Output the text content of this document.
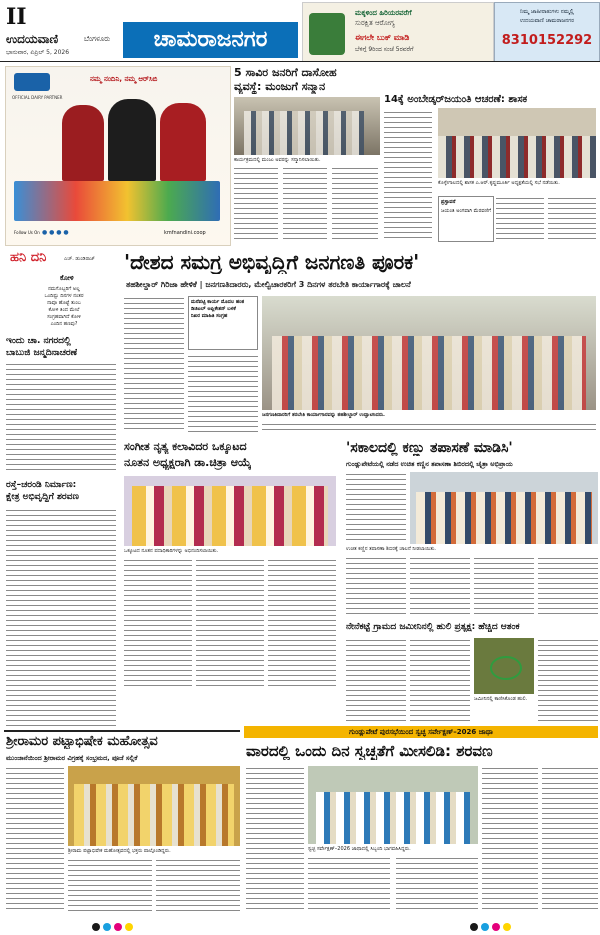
II
ಉದಯವಾಣಿ	ಬೆಂಗಳೂರು
ಭಾನುವಾರ, ಏಪ್ರಿಲ್ 5, 2026
ಚಾಮರಾಜನಗರ
ಮಕ್ಕಳಿಂದ ಹಿರಿಯರವರೆಗೆ
ಸುರಕ್ಷಿತ ಆರೋಗ್ಯ
ಈಗಲೇ ಬುಕ್ ಮಾಡಿ
ಬೆಳಿಗ್ಗೆ 9ರಿಂದ ಸಂಜೆ 5ರವರೆಗೆ
ನಿಮ್ಮ ಜಾಹೀರಾತುಗಳು ನಮ್ಮಲ್ಲಿ
ಉದಯವಾಣಿ ಚಾಮರಾಜನಗರ
8310152292
OFFICIAL DAIRY PARTNER
ನಮ್ಮ ನಂದಿನಿ, ನಮ್ಮ ಆರ್‌ಸಿಬಿ
Follow Us On ● ● ● ●	kmfnandini.coop
5 ಸಾವಿರ ಜನರಿಗೆ ದಾಸೋಹ
ವ್ಯವಸ್ಥೆ: ಮಂಜುಗೆ ಸನ್ಮಾನ
ಕಾರ್ಯಕ್ರಮದಲ್ಲಿ ಮಂಜು ಅವರನ್ನು ಸನ್ಮಾನಿಸಲಾಯಿತು.
14ಕ್ಕೆ ಅಂಬೇಡ್ಕರ್‌ಜಯಂತಿ ಆಚರಣೆ: ಶಾಸಕ
ಕೊಳ್ಳೇಗಾಲದಲ್ಲಿ ಶಾಸಕ ಎ.ಆರ್.ಕೃಷ್ಣಮೂರ್ತಿ ಅಧ್ಯಕ್ಷತೆಯಲ್ಲಿ ಸಭೆ ನಡೆಯಿತು.
ಪ್ರಸ್ತಾವನೆ
ಜಯಂತಿ ಅಂಗವಾಗಿ ಮೆರವಣಿಗೆ
ಹನಿ ದನಿ	ಎಚ್. ಡುಂಡಿರಾಜ್
ಕೋಳಿ
ನಮಗೊಬ್ಬರಿಗೆ ಅಲ್ಲ
ಒಂದಿಷ್ಟು ದಿನಗಳ ನಂತರ
ನಾವೂ ಹೊಟ್ಟೆ ತುಂಬ
ಕೋಳಿ ತಿಂದ ಮೇಲೆ
ಸಂಗ್ರಹವಾಗಿದೆ ಕೋಳಿ
ಎಂದಿನ ಹಣವು?
ಇಂದು ಚಾ. ನಗರದಲ್ಲಿ
ಬಾಬುಜಿ ಜನ್ಮದಿನಾಚರಣೆ
ರಸ್ತೆ–ಚರಂಡಿ ನಿರ್ಮಾಣ:
ಕ್ಷೇತ್ರ ಅಭಿವೃದ್ಧಿಗೆ ಶರವಣ
'ದೇಶದ ಸಮಗ್ರ ಅಭಿವೃದ್ಧಿಗೆ ಜನಗಣತಿ ಪೂರಕ'
ತಹಶೀಲ್ದಾರ್ ಗಿರಿಜಾ ಹೇಳಿಕೆ | ಜನಗಣತಿದಾರರು, ಮೇಲ್ವಿಚಾರಕರಿಗೆ 3 ದಿನಗಳ ತರಬೇತಿ ಕಾರ್ಯಾಗಾರಕ್ಕೆ ಚಾಲನೆ
ಮನೆಪಟ್ಟಿ ಕಾರ್ಯ ಮೊದಲ ಹಂತ
ಡಿಜಿಟಲ್ ಅಪ್ಲಿಕೇಶನ್ ಬಳಕೆ
ನಿಖರ ಮಾಹಿತಿ ಸಂಗ್ರಹ
ಜನಗಣತಿದಾರರಿಗೆ ತರಬೇತಿ ಕಾರ್ಯಾಗಾರವನ್ನು ತಹಶೀಲ್ದಾರ್ ಉದ್ಘಾಟಿಸಿದರು.
ಸಂಗೀತ ನೃತ್ಯ ಕಲಾವಿದರ ಒಕ್ಕೂಟದ
ನೂತನ ಅಧ್ಯಕ್ಷರಾಗಿ ಡಾ.ಚಿತ್ರಾ ಆಯ್ಕೆ
ಒಕ್ಕೂಟದ ನೂತನ ಪದಾಧಿಕಾರಿಗಳನ್ನು ಅಭಿನಂದಿಸಲಾಯಿತು.
'ಸಕಾಲದಲ್ಲಿ ಕಣ್ಣು ತಪಾಸಣೆ ಮಾಡಿಸಿ'
ಗುಂಡ್ಲುಪೇಟೆಯಲ್ಲಿ ನಡೆದ ಉಚಿತ ಕಣ್ಣಿನ ತಪಾಸಣಾ ಶಿಬಿರದಲ್ಲಿ ಚೈತ್ರಾ ಅಭಿಪ್ರಾಯ
ಉಚಿತ ಕಣ್ಣಿನ ತಪಾಸಣಾ ಶಿಬಿರಕ್ಕೆ ಚಾಲನೆ ನೀಡಲಾಯಿತು.
ನೇನೆಕಟ್ಟೆ ಗ್ರಾಮದ ಜಮೀನಿನಲ್ಲಿ ಹುಲಿ ಪ್ರತ್ಯಕ್ಷ: ಹೆಚ್ಚಿದ ಆತಂಕ
ಜಮೀನಿನಲ್ಲಿ ಕಾಣಿಸಿಕೊಂಡ ಹುಲಿ.
ಶ್ರೀರಾಮರ ಪಟ್ಟಾಭಿಷೇಕ ಮಹೋತ್ಸವ
ಮುಂಜಾನೆಯಿಂದ ಶ್ರೀರಾಮರ ವಿಗ್ರಹಕ್ಕೆ ಸಂಭ್ರಮದ, ಪೂಜೆ ಸಲ್ಲಿಕೆ
ಶ್ರೀರಾಮ ಪಟ್ಟಾಭಿಷೇಕ ಮಹೋತ್ಸವದಲ್ಲಿ ಭಕ್ತರು ಪಾಲ್ಗೊಂಡಿದ್ದರು.
ಗುಂಡ್ಲುಪೇಟೆ ಪುರಸಭೆಯಿಂದ ಸ್ವಚ್ಛ ಸರ್ವೇಕ್ಷಣ್–2026 ಜಾಥಾ
ವಾರದಲ್ಲಿ ಒಂದು ದಿನ ಸ್ವಚ್ಛತೆಗೆ ಮೀಸಲಿಡಿ: ಶರವಣ
ಸ್ವಚ್ಛ ಸರ್ವೇಕ್ಷಣ್–2026 ಜಾಥಾದಲ್ಲಿ ಸಿಬ್ಬಂದಿ ಭಾಗವಹಿಸಿದ್ದರು.
